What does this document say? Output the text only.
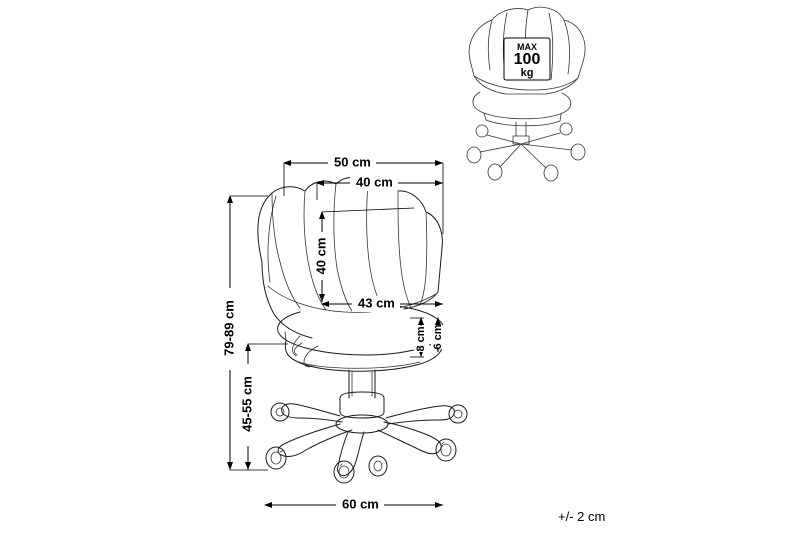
MAX
100
kg
50 cm
40 cm
40 cm
43 cm
8 cm 6 cm
79-89 cm
45-55 cm
60 cm
+/- 2 cm
